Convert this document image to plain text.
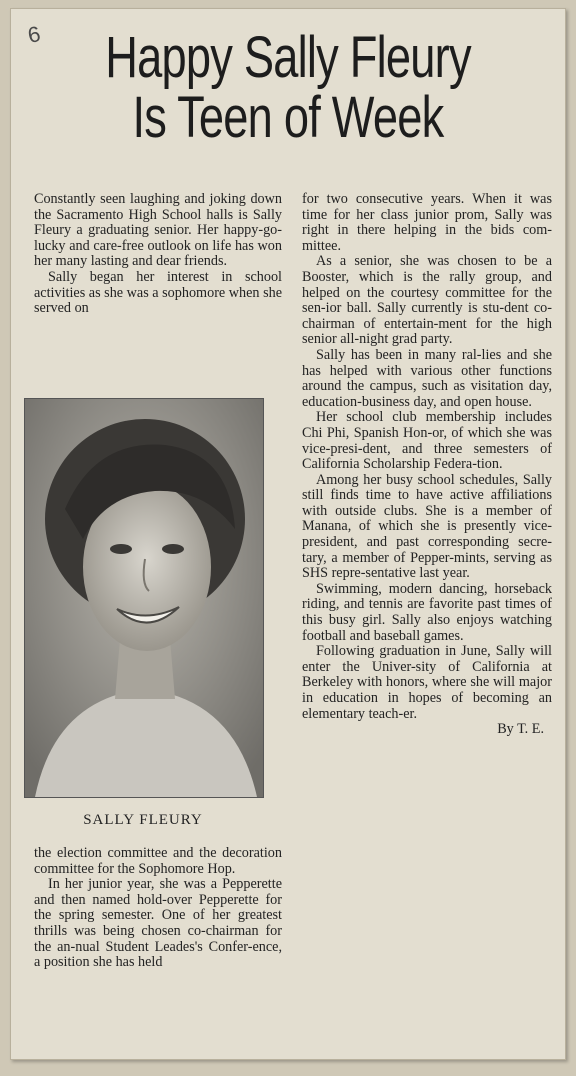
6	Happy Sally Fleury
Is Teen of Week

Constantly seen laughing and joking down the Sacramento High School halls is Sally Fleury a graduating senior. Her happy-go-lucky and care-free outlook on life has won her many lasting and dear friends.

Sally began her interest in school activities as she was a sophomore when she served on

SALLY FLEURY

the election committee and the decoration committee for the Sophomore Hop.

In her junior year, she was a Pepperette and then named hold-over Pepperette for the spring semester. One of her greatest thrills was being chosen co-chairman for the an-nual Student Leades's Confer-ence, a position she has held

for two consecutive years. When it was time for her class junior prom, Sally was right in there helping in the bids com-mittee.

As a senior, she was chosen to be a Booster, which is the rally group, and helped on the courtesy committee for the sen-ior ball. Sally currently is stu-dent co-chairman of entertain-ment for the high senior all-night grad party.

Sally has been in many ral-lies and she has helped with various other functions around the campus, such as visitation day, education-business day, and open house.

Her school club membership includes Chi Phi, Spanish Hon-or, of which she was vice-presi-dent, and three semesters of California Scholarship Federa-tion.

Among her busy school schedules, Sally still finds time to have active affiliations with outside clubs. She is a member of Manana, of which she is presently vice-president, and past corresponding secre-tary, a member of Pepper-mints, serving as SHS repre-sentative last year.

Swimming, modern dancing, horseback riding, and tennis are favorite past times of this busy girl. Sally also enjoys watching football and baseball games.

Following graduation in June, Sally will enter the Univer-sity of California at Berkeley with honors, where she will major in education in hopes of becoming an elementary teach-er.

By T. E.
